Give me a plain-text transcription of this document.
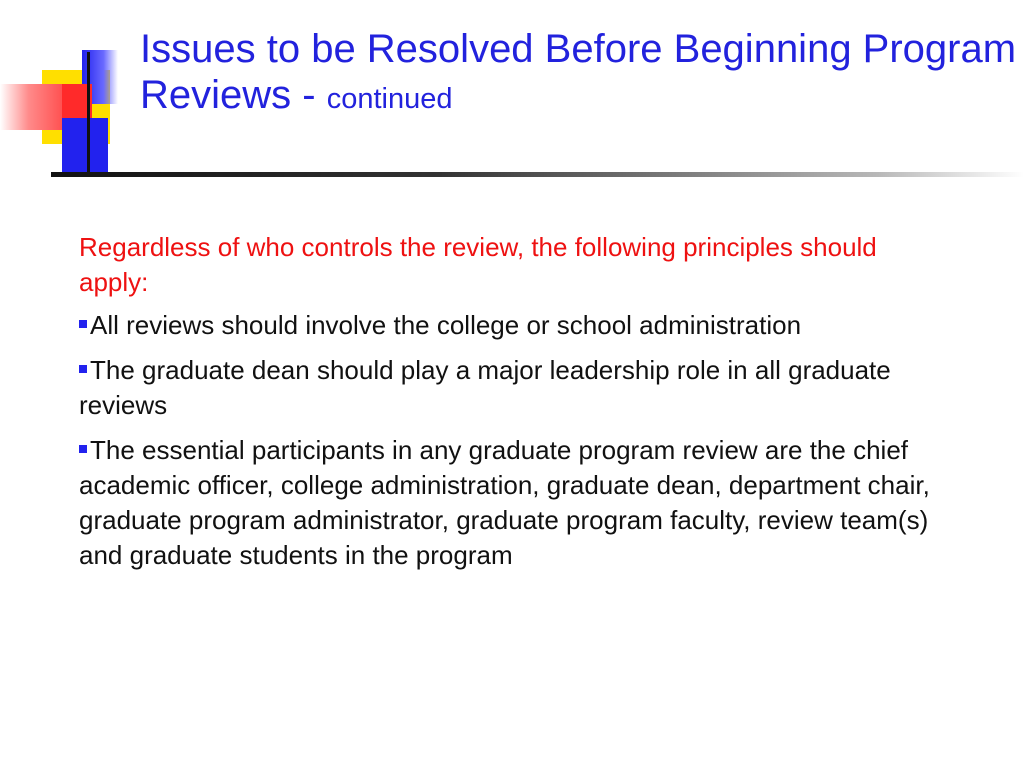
Issues to be Resolved Before Beginning Program Reviews - continued
Regardless of who controls the review, the following principles should apply:
All reviews should involve the college or school administration
The graduate dean should play a major leadership role in all graduate reviews
The essential participants in any graduate program review are the chief academic officer, college administration, graduate dean, department chair, graduate program administrator, graduate program faculty, review team(s) and graduate students in the program
